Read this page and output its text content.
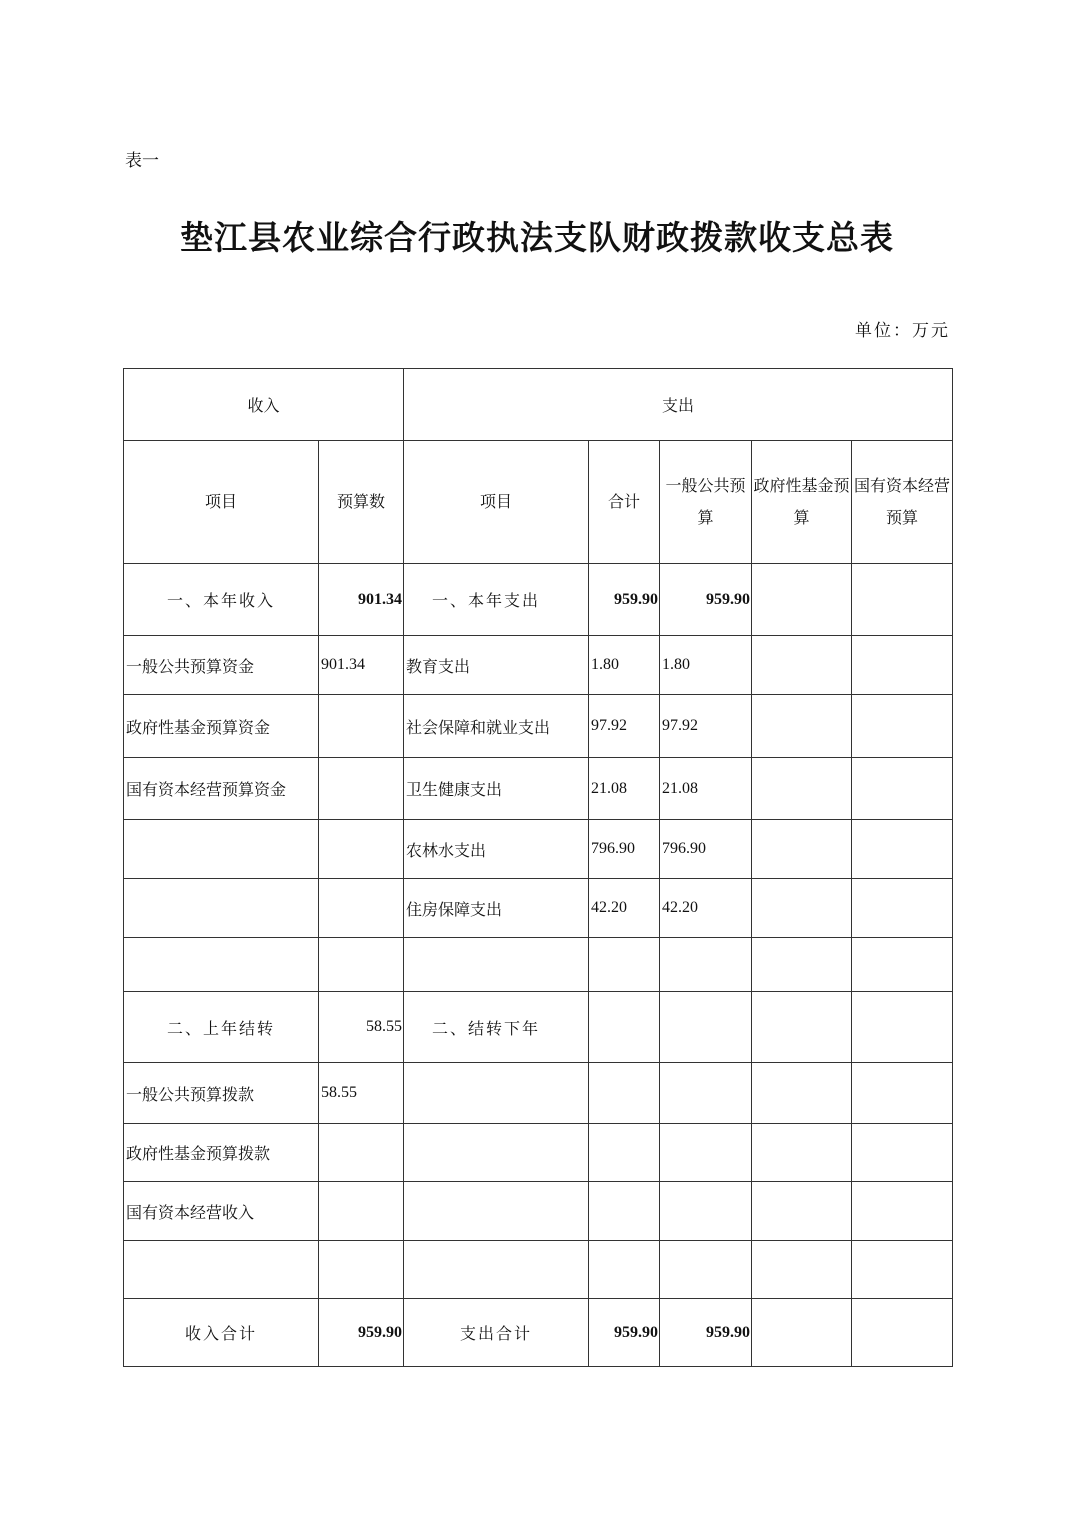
表一
垫江县农业综合行政执法支队财政拨款收支总表
单位：万元
收入		支出				
项目	预算数	项目	合计	一般公共预算	政府性基金预算	国有资本经营预算
一、本年收入	901.34	一、本年支出	959.90	959.90		
一般公共预算资金	901.34	教育支出	1.80	1.80		
政府性基金预算资金		社会保障和就业支出	97.92	97.92		
国有资本经营预算资金		卫生健康支出	21.08	21.08		
		农林水支出	796.90	796.90		
		住房保障支出	42.20	42.20		

二、上年结转	58.55	二、结转下年				
一般公共预算拨款	58.55					
政府性基金预算拨款						
国有资本经营收入						

收入合计	959.90	支出合计	959.90	959.90		
